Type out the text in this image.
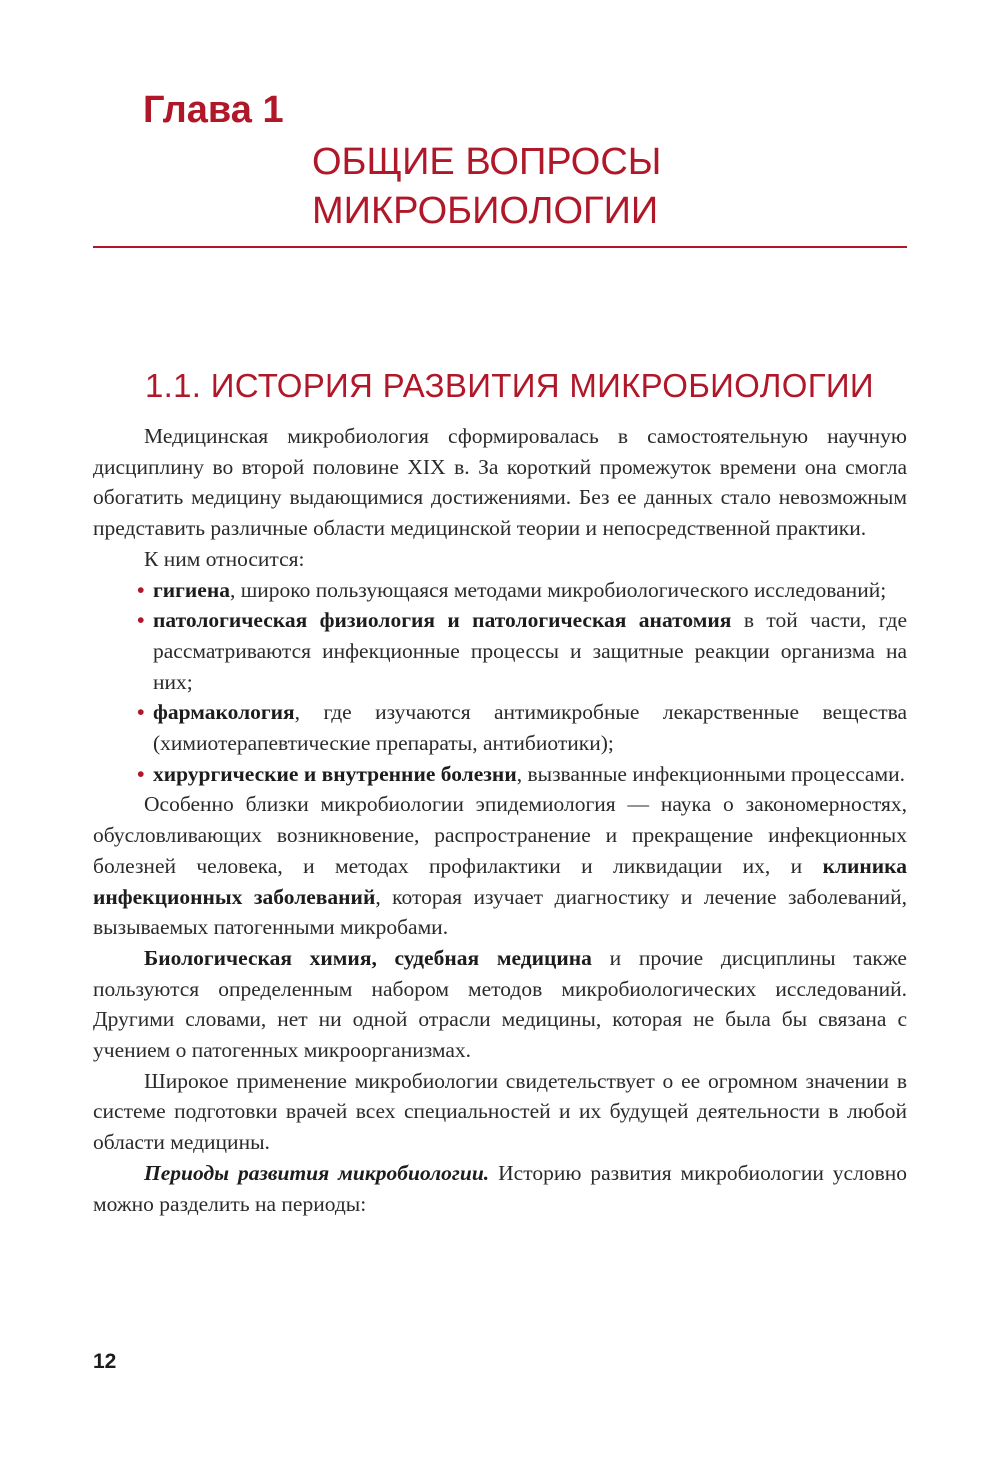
Глава 1
ОБЩИЕ ВОПРОСЫ
МИКРОБИОЛОГИИ
1.1. ИСТОРИЯ РАЗВИТИЯ МИКРОБИОЛОГИИ

Медицинская микробиология сформировалась в самостоятельную научную дисциплину во второй половине XIX в. За короткий промежуток времени она смогла обогатить медицину выдающимися достижениями. Без ее данных стало невозможным представить различные области медицинской теории и непосредственной практики.

К ним относится:

• гигиена, широко пользующаяся методами микробиологического исследований;
• патологическая физиология и патологическая анатомия в той части, где рассматриваются инфекционные процессы и защитные реакции организма на них;
• фармакология, где изучаются антимикробные лекарственные вещества (химиотерапевтические препараты, антибиотики);
• хирургические и внутренние болезни, вызванные инфекционными процессами.

Особенно близки микробиологии эпидемиология — наука о закономерностях, обусловливающих возникновение, распространение и прекращение инфекционных болезней человека, и методах профилактики и ликвидации их, и клиника инфекционных заболеваний, которая изучает диагностику и лечение заболеваний, вызываемых патогенными микробами.

Биологическая химия, судебная медицина и прочие дисциплины также пользуются определенным набором методов микробиологических исследований. Другими словами, нет ни одной отрасли медицины, которая не была бы связана с учением о патогенных микроорганизмах.

Широкое применение микробиологии свидетельствует о ее огромном значении в системе подготовки врачей всех специальностей и их будущей деятельности в любой области медицины.

Периоды развития микробиологии. Историю развития микробиологии условно можно разделить на периоды:

12
